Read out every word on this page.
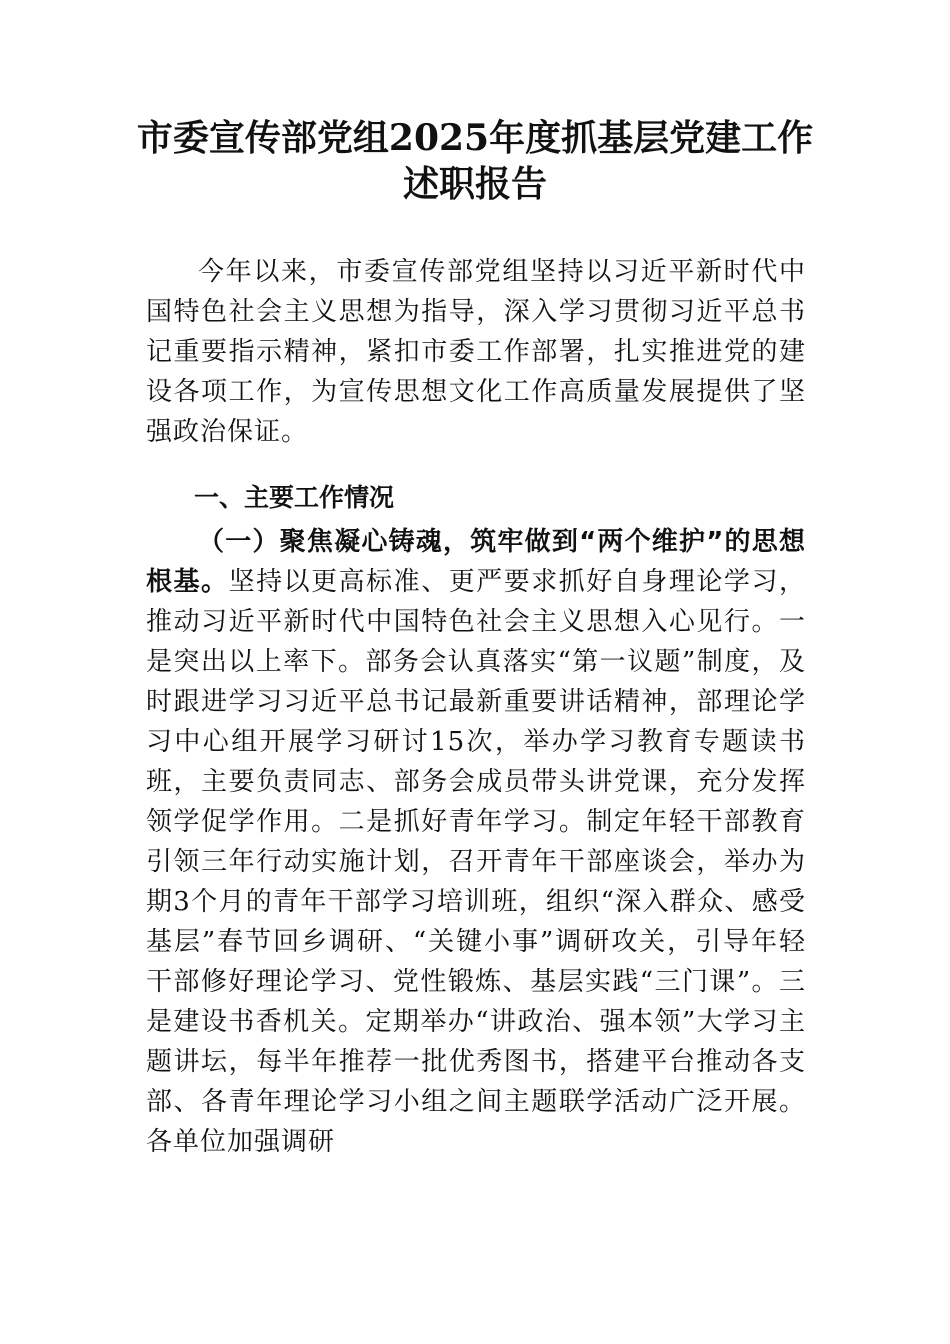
市委宣传部党组2025年度抓基层党建工作
述职报告

今年以来，市委宣传部党组坚持以习近平新时代中国特色社会主义思想为指导，深入学习贯彻习近平总书记重要指示精神，紧扣市委工作部署，扎实推进党的建设各项工作，为宣传思想文化工作高质量发展提供了坚强政治保证。

一、主要工作情况

（一）聚焦凝心铸魂，筑牢做到“两个维护”的思想根基。坚持以更高标准、更严要求抓好自身理论学习，推动习近平新时代中国特色社会主义思想入心见行。一是突出以上率下。部务会认真落实“第一议题”制度，及时跟进学习习近平总书记最新重要讲话精神，部理论学习中心组开展学习研讨15次，举办学习教育专题读书班，主要负责同志、部务会成员带头讲党课，充分发挥领学促学作用。二是抓好青年学习。制定年轻干部教育引领三年行动实施计划，召开青年干部座谈会，举办为期3个月的青年干部学习培训班，组织“深入群众、感受基层”春节回乡调研、“关键小事”调研攻关，引导年轻干部修好理论学习、党性锻炼、基层实践“三门课”。三是建设书香机关。定期举办“讲政治、强本领”大学习主题讲坛，每半年推荐一批优秀图书，搭建平台推动各支部、各青年理论学习小组之间主题联学活动广泛开展。各单位加强调研
